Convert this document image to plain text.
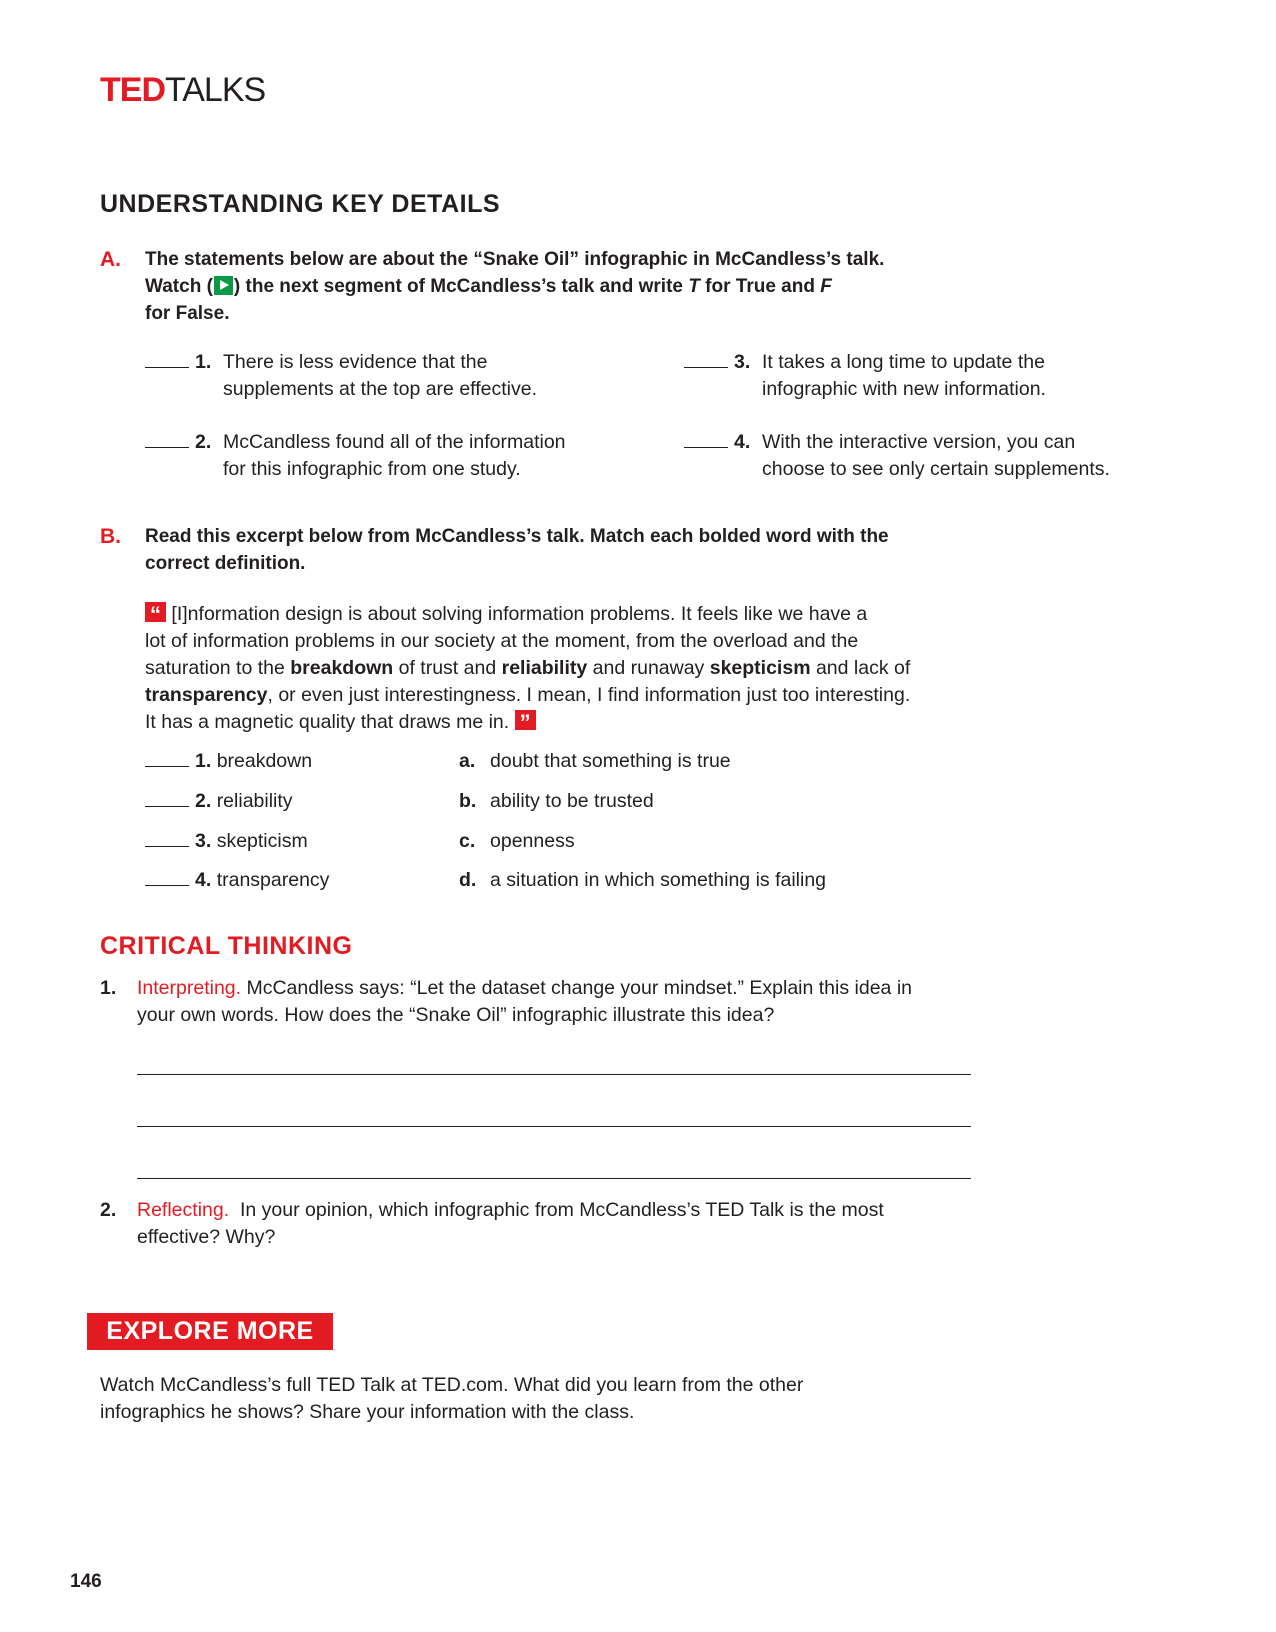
TEDTALKS
UNDERSTANDING KEY DETAILS
A. The statements below are about the “Snake Oil” infographic in McCandless’s talk.
Watch ( ) the next segment of McCandless’s talk and write T for True and F
for False.
1. There is less evidence that the
supplements at the top are effective.
2. McCandless found all of the information
for this infographic from one study.
3. It takes a long time to update the
infographic with new information.
4. With the interactive version, you can
choose to see only certain supplements.
B. Read this excerpt below from McCandless’s talk. Match each bolded word with the
correct definition.
“ [I]nformation design is about solving information problems. It feels like we have a
lot of information problems in our society at the moment, from the overload and the
saturation to the breakdown of trust and reliability and runaway skepticism and lack of
transparency, or even just interestingness. I mean, I find information just too interesting.
It has a magnetic quality that draws me in. ”
1. breakdown
2. reliability
3. skepticism
4. transparency
a. doubt that something is true
b. ability to be trusted
c. openness
d. a situation in which something is failing
CRITICAL THINKING
1. Interpreting. McCandless says: “Let the dataset change your mindset.” Explain this idea in
your own words. How does the “Snake Oil” infographic illustrate this idea?
2. Reflecting.  In your opinion, which infographic from McCandless’s TED Talk is the most
effective? Why?
EXPLORE MORE
Watch McCandless’s full TED Talk at TED.com. What did you learn from the other
infographics he shows? Share your information with the class.
146
